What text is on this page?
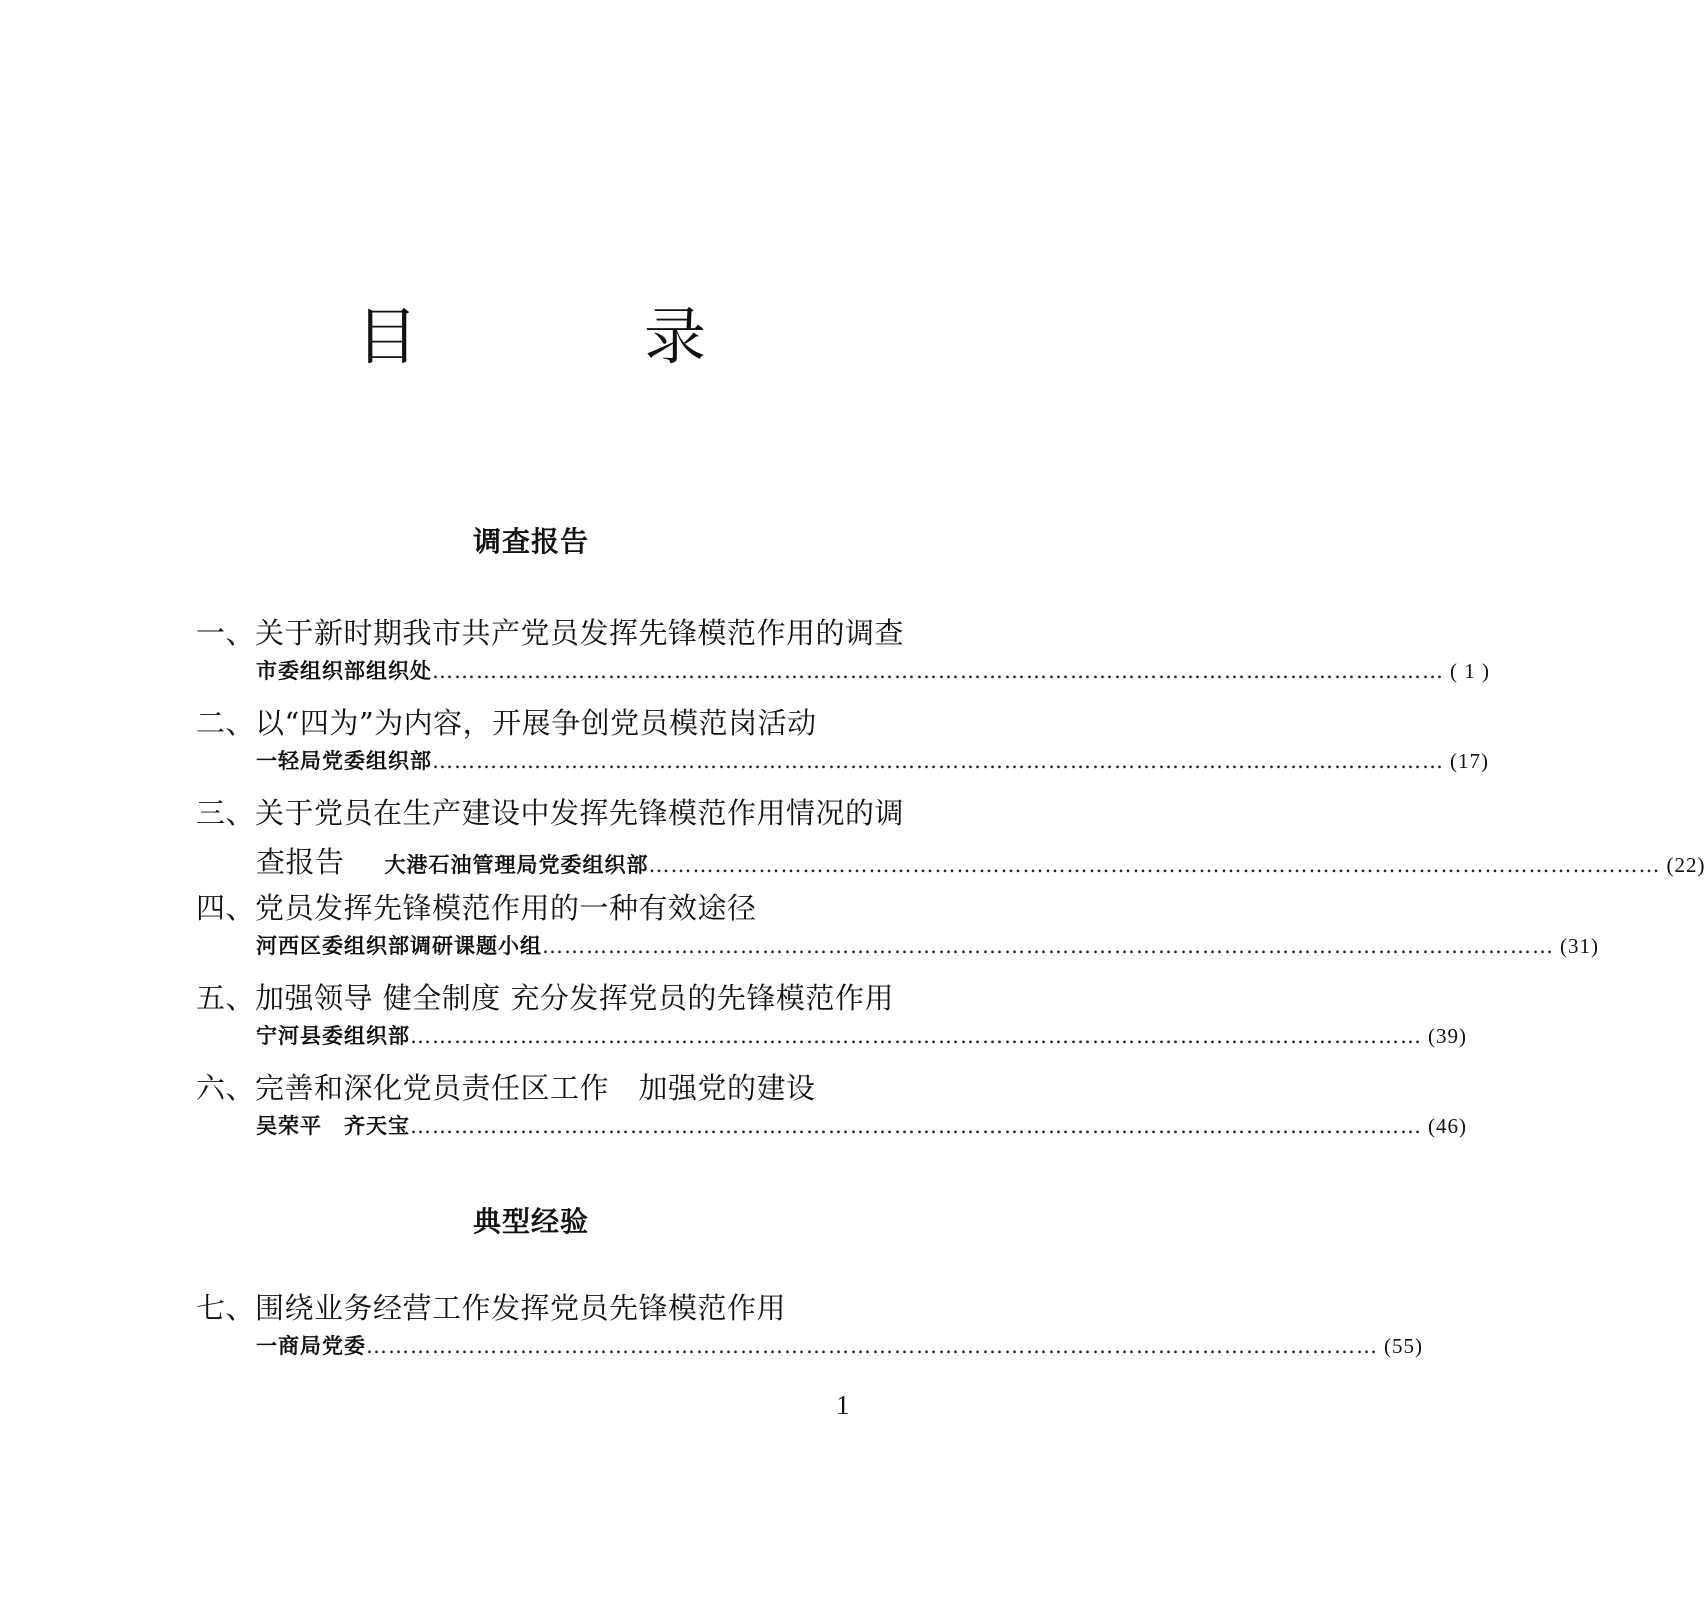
目　录
调查报告
一、关于新时期我市共产党员发挥先锋模范作用的调查
市委组织部组织处 ………………………………………………………………………………………………………………………… ( 1 )
二、以“四为”为内容，开展争创党员模范岗活动
一轻局党委组织部 ………………………………………………………………………………………………………………………… (17)
三、关于党员在生产建设中发挥先锋模范作用情况的调
查报告 大港石油管理局党委组织部 ………………………………………………………………………………………………………………………… (22)
四、党员发挥先锋模范作用的一种有效途径
河西区委组织部调研课题小组 ………………………………………………………………………………………………………………………… (31)
五、加强领导 健全制度 充分发挥党员的先锋模范作用
宁河县委组织部 ………………………………………………………………………………………………………………………… (39)
六、完善和深化党员责任区工作　加强党的建设
吴荣平　齐天宝 ………………………………………………………………………………………………………………………… (46)
典型经验
七、围绕业务经营工作发挥党员先锋模范作用
一商局党委 ………………………………………………………………………………………………………………………… (55)
1
